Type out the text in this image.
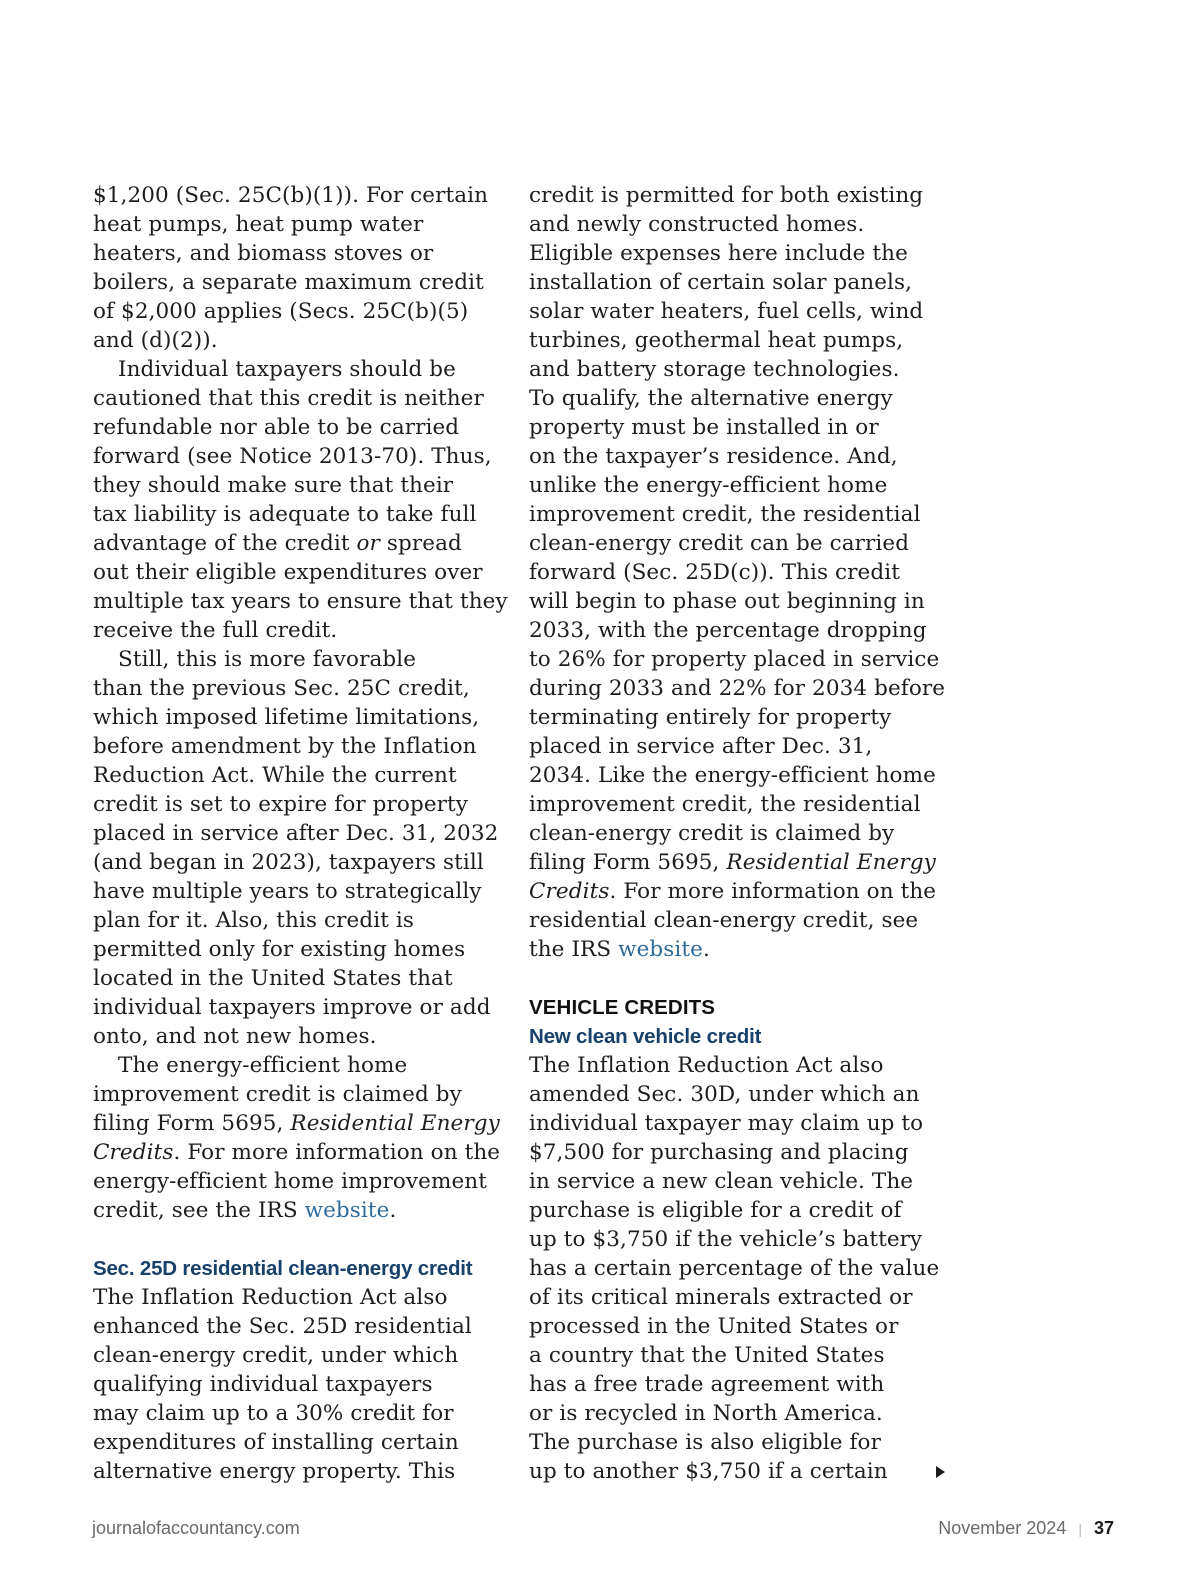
$1,200 (Sec. 25C(b)(1)). For certain
heat pumps, heat pump water
heaters, and biomass stoves or
boilers, a separate maximum credit
of $2,000 applies (Secs. 25C(b)(5)
and (d)(2)).
Individual taxpayers should be
cautioned that this credit is neither
refundable nor able to be carried
forward (see Notice 2013-70). Thus,
they should make sure that their
tax liability is adequate to take full
advantage of the credit or spread
out their eligible expenditures over
multiple tax years to ensure that they
receive the full credit.
Still, this is more favorable
than the previous Sec. 25C credit,
which imposed lifetime limitations,
before amendment by the Inflation
Reduction Act. While the current
credit is set to expire for property
placed in service after Dec. 31, 2032
(and began in 2023), taxpayers still
have multiple years to strategically
plan for it. Also, this credit is
permitted only for existing homes
located in the United States that
individual taxpayers improve or add
onto, and not new homes.
The energy-efficient home
improvement credit is claimed by
filing Form 5695, Residential Energy
Credits. For more information on the
energy-efficient home improvement
credit, see the IRS website.
Sec. 25D residential clean-energy credit
The Inflation Reduction Act also
enhanced the Sec. 25D residential
clean-energy credit, under which
qualifying individual taxpayers
may claim up to a 30% credit for
expenditures of installing certain
alternative energy property. This
credit is permitted for both existing
and newly constructed homes.
Eligible expenses here include the
installation of certain solar panels,
solar water heaters, fuel cells, wind
turbines, geothermal heat pumps,
and battery storage technologies.
To qualify, the alternative energy
property must be installed in or
on the taxpayer’s residence. And,
unlike the energy-efficient home
improvement credit, the residential
clean-energy credit can be carried
forward (Sec. 25D(c)). This credit
will begin to phase out beginning in
2033, with the percentage dropping
to 26% for property placed in service
during 2033 and 22% for 2034 before
terminating entirely for property
placed in service after Dec. 31,
2034. Like the energy-efficient home
improvement credit, the residential
clean-energy credit is claimed by
filing Form 5695, Residential Energy
Credits. For more information on the
residential clean-energy credit, see
the IRS website.
VEHICLE CREDITS
New clean vehicle credit
The Inflation Reduction Act also
amended Sec. 30D, under which an
individual taxpayer may claim up to
$7,500 for purchasing and placing
in service a new clean vehicle. The
purchase is eligible for a credit of
up to $3,750 if the vehicle’s battery
has a certain percentage of the value
of its critical minerals extracted or
processed in the United States or
a country that the United States
has a free trade agreement with
or is recycled in North America.
The purchase is also eligible for
up to another $3,750 if a certain
journalofaccountancy.com	November 2024 | 37
